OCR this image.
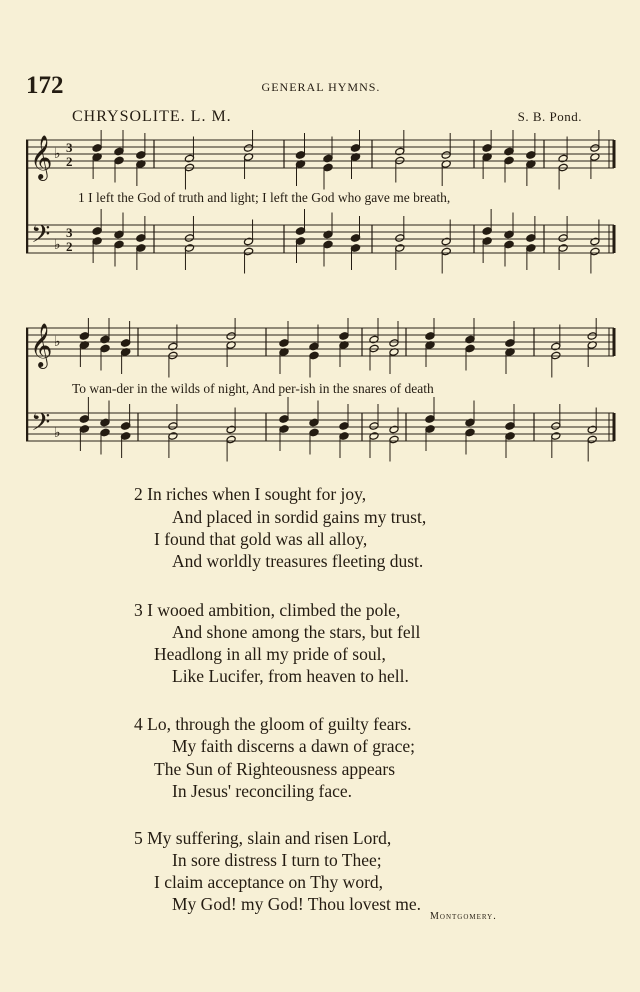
172	GENERAL HYMNS.
CHRYSOLITE. L. M.	S. B. Pond.
𝄞
𝄢
♭
♭
3
3
2
2
1 I left the God of truth and light; I left the God who gave me breath,
𝄞
𝄢
♭
♭
To wan-der in the wilds of night, And per-ish in the snares of death
2 In riches when I sought for joy,
And placed in sordid gains my trust,
I found that gold was all alloy,
And worldly treasures fleeting dust.
3 I wooed ambition, climbed the pole,
And shone among the stars, but fell
Headlong in all my pride of soul,
Like Lucifer, from heaven to hell.
4 Lo, through the gloom of guilty fears.
My faith discerns a dawn of grace;
The Sun of Righteousness appears
In Jesus' reconciling face.
5 My suffering, slain and risen Lord,
In sore distress I turn to Thee;
I claim acceptance on Thy word,
My God! my God! Thou lovest me.
Montgomery.
